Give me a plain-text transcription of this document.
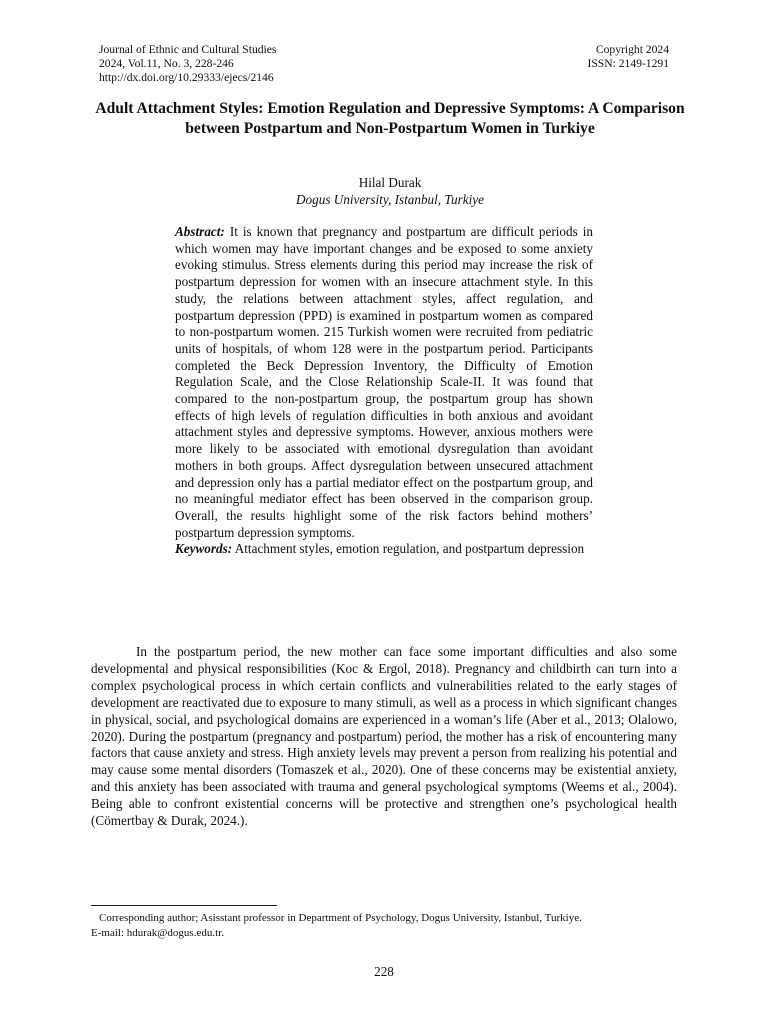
Journal of Ethnic and Cultural Studies
2024, Vol.11, No. 3, 228-246
http://dx.doi.org/10.29333/ejecs/2146
Copyright 2024
ISSN: 2149-1291
Adult Attachment Styles: Emotion Regulation and Depressive Symptoms: A Comparison between Postpartum and Non-Postpartum Women in Turkiye
Hilal Durak
Dogus University, Istanbul, Turkiye

Abstract: It is known that pregnancy and postpartum are difficult periods in which women may have important changes and be exposed to some anxiety evoking stimulus. Stress elements during this period may increase the risk of postpartum depression for women with an insecure attachment style. In this study, the relations between attachment styles, affect regulation, and postpartum depression (PPD) is examined in postpartum women as compared to non-postpartum women. 215 Turkish women were recruited from pediatric units of hospitals, of whom 128 were in the postpartum period. Participants completed the Beck Depression Inventory, the Difficulty of Emotion Regulation Scale, and the Close Relationship Scale-II. It was found that compared to the non-postpartum group, the postpartum group has shown effects of high levels of regulation difficulties in both anxious and avoidant attachment styles and depressive symptoms. However, anxious mothers were more likely to be associated with emotional dysregulation than avoidant mothers in both groups. Affect dysregulation between unsecured attachment and depression only has a partial mediator effect on the postpartum group, and no meaningful mediator effect has been observed in the comparison group. Overall, the results highlight some of the risk factors behind mothers’ postpartum depression symptoms.

Keywords: Attachment styles, emotion regulation, and postpartum depression

In the postpartum period, the new mother can face some important difficulties and also some developmental and physical responsibilities (Koc & Ergol, 2018). Pregnancy and childbirth can turn into a complex psychological process in which certain conflicts and vulnerabilities related to the early stages of development are reactivated due to exposure to many stimuli, as well as a process in which significant changes in physical, social, and psychological domains are experienced in a woman’s life (Aber et al., 2013; Olalowo, 2020). During the postpartum (pregnancy and postpartum) period, the mother has a risk of encountering many factors that cause anxiety and stress. High anxiety levels may prevent a person from realizing his potential and may cause some mental disorders (Tomaszek et al., 2020). One of these concerns may be existential anxiety, and this anxiety has been associated with trauma and general psychological symptoms (Weems et al., 2004). Being able to confront existential concerns will be protective and strengthen one’s psychological health (Cömertbay & Durak, 2024.).

Corresponding author; Asisstant professor in Department of Psychology, Dogus University, Istanbul, Turkiye.

E-mail: hdurak@dogus.edu.tr.

228
